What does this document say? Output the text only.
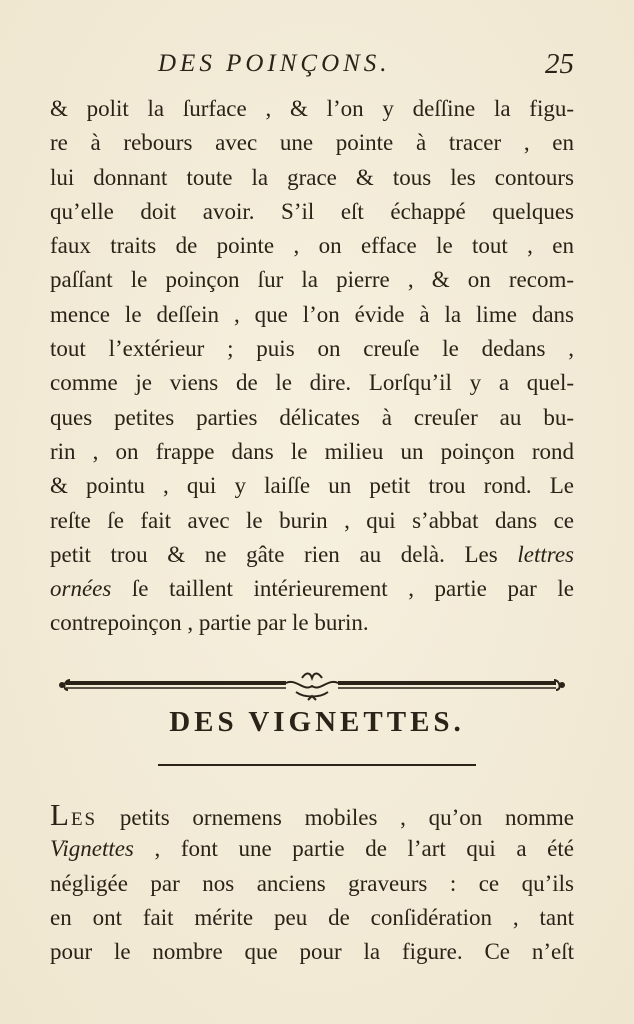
DES POINÇONS.	25
& polit la ſurface , & l’on y deſſine la figu-
re à rebours avec une pointe à tracer , en
lui donnant toute la grace & tous les contours
qu’elle doit avoir. S’il eſt échappé quelques
faux traits de pointe , on efface le tout , en
paſſant le poinçon ſur la pierre , & on recom-
mence le deſſein , que l’on évide à la lime dans
tout l’extérieur ; puis on creuſe le dedans ,
comme je viens de le dire. Lorſqu’il y a quel-
ques petites parties délicates à creuſer au bu-
rin , on frappe dans le milieu un poinçon rond
& pointu , qui y laiſſe un petit trou rond. Le
reſte ſe fait avec le burin , qui s’abbat dans ce
petit trou & ne gâte rien au delà. Les lettres
ornées ſe taillent intérieurement , partie par le
contrepoinçon , partie par le burin.
DES VIGNETTES.
LES petits ornemens mobiles , qu’on nomme
Vignettes , font une partie de l’art qui a été
négligée par nos anciens graveurs : ce qu’ils
en ont fait mérite peu de conſidération , tant
pour le nombre que pour la figure. Ce n’eſt
